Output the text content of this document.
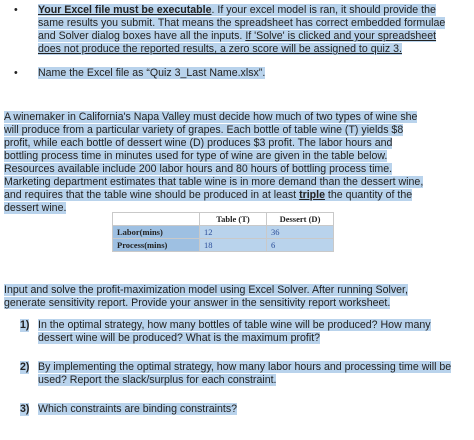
• Your Excel file must be executable. If your excel model is ran, it should provide the same results you submit. That means the spreadsheet has correct embedded formulae and Solver dialog boxes have all the inputs. If 'Solve' is clicked and your spreadsheet does not produce the reported results, a zero score will be assigned to quiz 3.
• Name the Excel file as “Quiz 3_Last Name.xlsx”.
A winemaker in California's Napa Valley must decide how much of two types of wine she will produce from a particular variety of grapes. Each bottle of table wine (T) yields $8 profit, while each bottle of dessert wine (D) produces $3 profit. The labor hours and bottling process time in minutes used for type of wine are given in the table below. Resources available include 200 labor hours and 80 hours of bottling process time. Marketing department estimates that table wine is in more demand than the dessert wine, and requires that the table wine should be produced in at least triple the quantity of the dessert wine.
	Table (T)	Dessert (D)
Labor(mins)	12	36
Process(mins)	18	6
Input and solve the profit-maximization model using Excel Solver. After running Solver, generate sensitivity report. Provide your answer in the sensitivity report worksheet.
1) In the optimal strategy, how many bottles of table wine will be produced? How many dessert wine will be produced? What is the maximum profit?
2) By implementing the optimal strategy, how many labor hours and processing time will be used? Report the slack/surplus for each constraint.
3) Which constraints are binding constraints?
